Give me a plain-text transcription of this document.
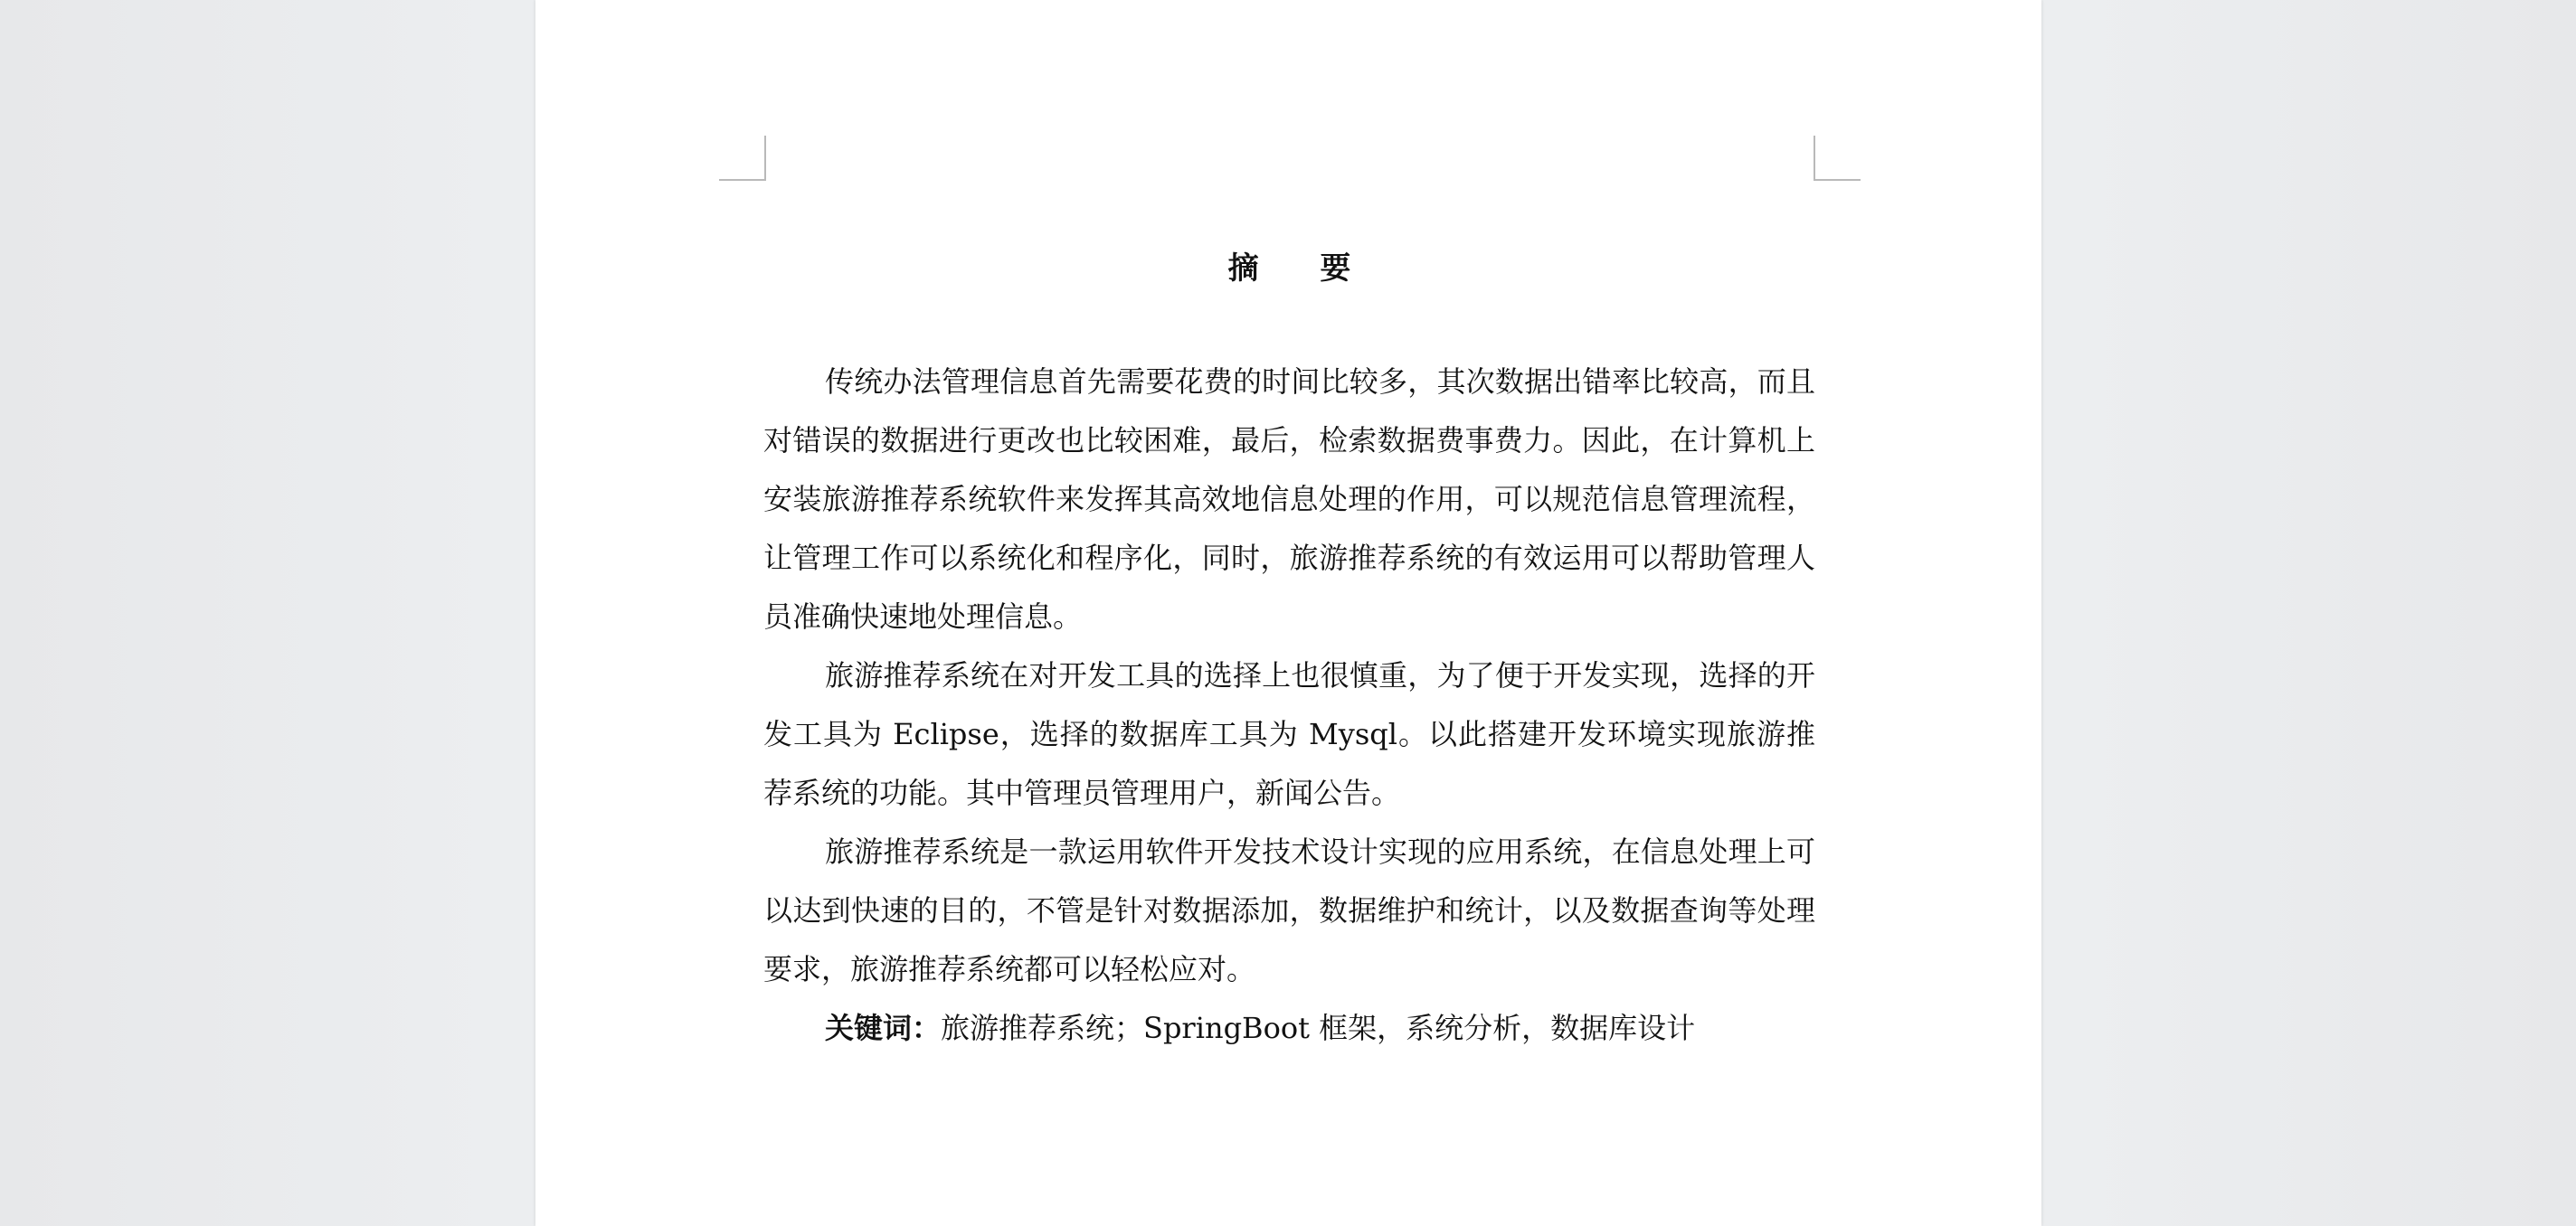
摘 要

传统办法管理信息首先需要花费的时间比较多，其次数据出错率比较高，而且对错误的数据进行更改也比较困难，最后，检索数据费事费力。因此，在计算机上安装旅游推荐系统软件来发挥其高效地信息处理的作用，可以规范信息管理流程，让管理工作可以系统化和程序化，同时，旅游推荐系统的有效运用可以帮助管理人员准确快速地处理信息。

旅游推荐系统在对开发工具的选择上也很慎重，为了便于开发实现，选择的开发工具为 Eclipse，选择的数据库工具为 Mysql。以此搭建开发环境实现旅游推荐系统的功能。其中管理员管理用户，新闻公告。

旅游推荐系统是一款运用软件开发技术设计实现的应用系统，在信息处理上可以达到快速的目的，不管是针对数据添加，数据维护和统计，以及数据查询等处理要求，旅游推荐系统都可以轻松应对。

关键词：旅游推荐系统；SpringBoot 框架，系统分析，数据库设计
